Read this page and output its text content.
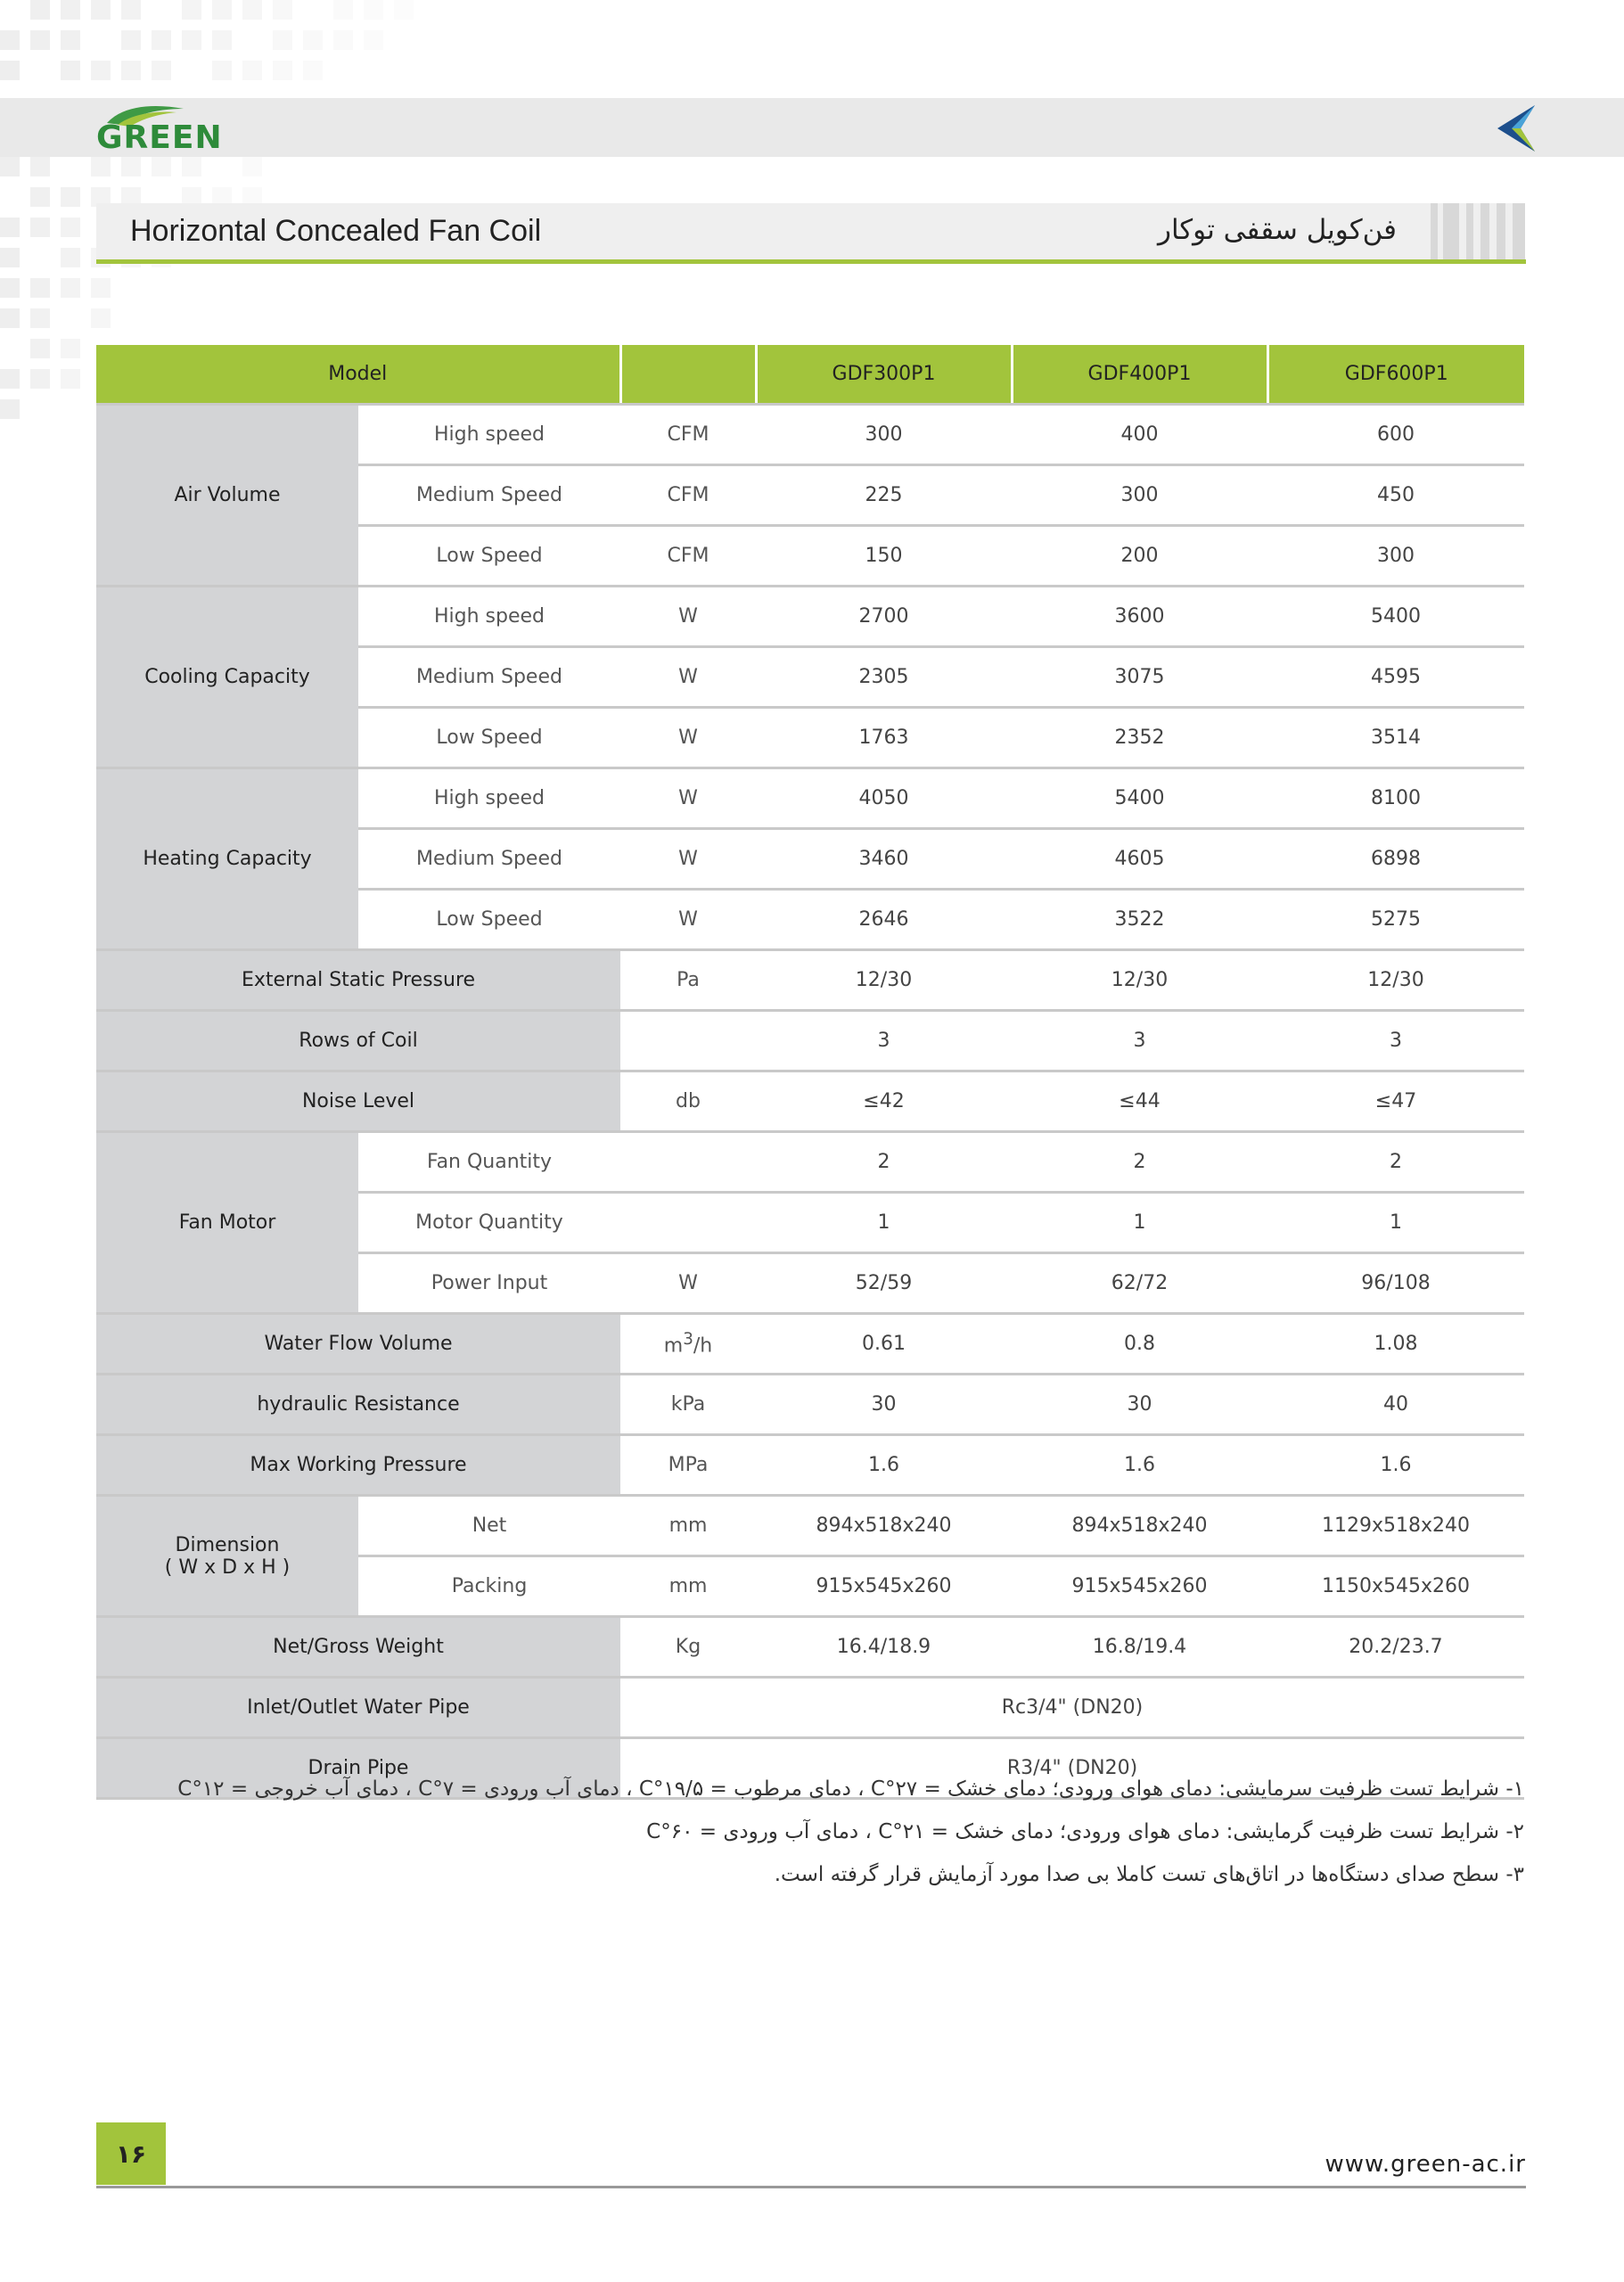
GREEN
Horizontal Concealed Fan Coil	فن‌کویل سقفی توکار
Model			GDF300P1	GDF400P1	GDF600P1

Air Volume	High speed	CFM	300	400	600
	Medium Speed	CFM	225	300	450
	Low Speed	CFM	150	200	300

Cooling Capacity	High speed	W	2700	3600	5400
	Medium Speed	W	2305	3075	4595
	Low Speed	W	1763	2352	3514

Heating Capacity	High speed	W	4050	5400	8100
	Medium Speed	W	3460	4605	6898
	Low Speed	W	2646	3522	5275
External Static Pressure		Pa	12/30	12/30	12/30
Rows of Coil			3	3	3
Noise Level		db	≤42	≤44	≤47

Fan Motor	Fan Quantity		2	2	2
	Motor Quantity		1	1	1
	Power Input	W	52/59	62/72	96/108
Water Flow Volume		$m^3/h$	0.61	0.8	1.08
hydraulic Resistance		kPa	30	30	40
Max Working Pressure		MPa	1.6	1.6	1.6

Dimension
( W x D x H )	Net	mm	894x518x240	894x518x240	1129x518x240
	Packing	mm	915x545x260	915x545x260	1150x545x260
Net/Gross Weight		Kg	16.4/18.9	16.8/19.4	20.2/23.7
Inlet/Outlet Water Pipe		Rc3/4" (DN20)			
Drain Pipe		R3/4" (DN20)			
۱- شرایط تست ظرفیت سرمایشی: دمای هوای ورودی؛ دمای خشک = ۲۷°C ، دمای مرطوب = ۱۹/۵°C ، دمای آب ورودی = ۷°C ، دمای آب خروجی = ۱۲°C
۲- شرایط تست ظرفیت گرمایشی: دمای هوای ورودی؛ دمای خشک = ۲۱°C ، دمای آب ورودی = ۶۰°C
۳- سطح صدای دستگاه‌ها در اتاق‌های تست کاملا بی صدا مورد آزمایش قرار گرفته است.
۱۶	www.green-ac.ir
